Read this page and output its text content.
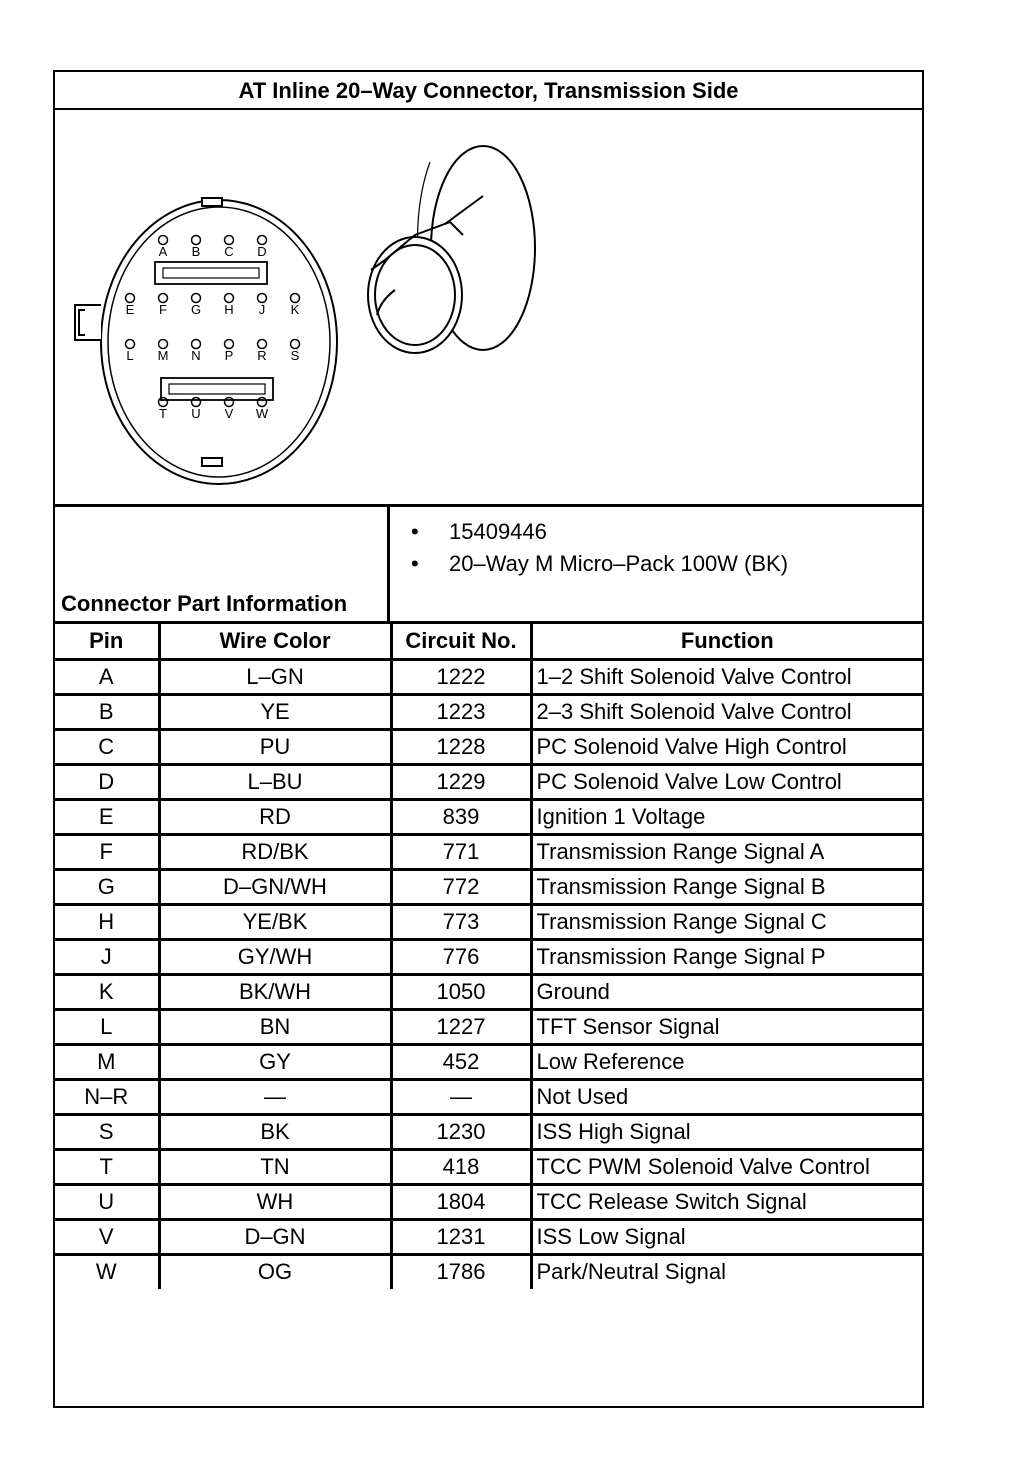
AT Inline 20–Way Connector, Transmission Side
A B C D
E F G H J K
L M N P R S
T U V W
Connector Part Information
• 15409446
• 20–Way M Micro–Pack 100W (BK)
Pin	Wire Color	Circuit No.	Function
A	L–GN	1222	1–2 Shift Solenoid Valve Control
B	YE	1223	2–3 Shift Solenoid Valve Control
C	PU	1228	PC Solenoid Valve High Control
D	L–BU	1229	PC Solenoid Valve Low Control
E	RD	839	Ignition 1 Voltage
F	RD/BK	771	Transmission Range Signal A
G	D–GN/WH	772	Transmission Range Signal B
H	YE/BK	773	Transmission Range Signal C
J	GY/WH	776	Transmission Range Signal P
K	BK/WH	1050	Ground
L	BN	1227	TFT Sensor Signal
M	GY	452	Low Reference
N–R	—	—	Not Used
S	BK	1230	ISS High Signal
T	TN	418	TCC PWM Solenoid Valve Control
U	WH	1804	TCC Release Switch Signal
V	D–GN	1231	ISS Low Signal
W	OG	1786	Park/Neutral Signal
